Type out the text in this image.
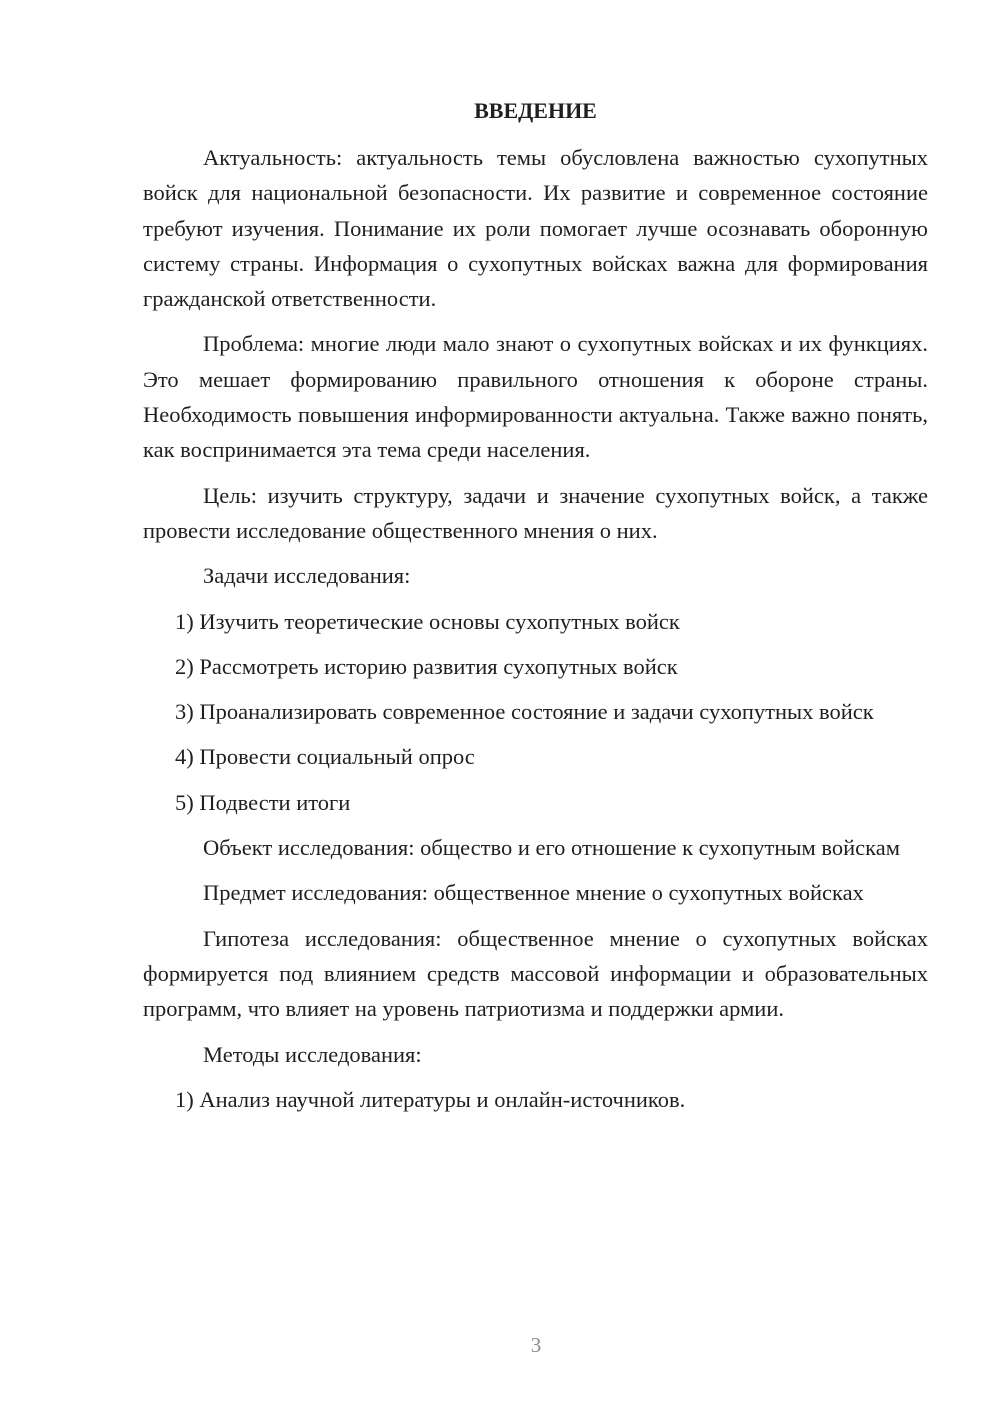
ВВЕДЕНИЕ

Актуальность: актуальность темы обусловлена важностью сухопутных войск для национальной безопасности. Их развитие и современное состояние требуют изучения. Понимание их роли помогает лучше осознавать оборонную систему страны. Информация о сухопутных войсках важна для формирования гражданской ответственности.

Проблема: многие люди мало знают о сухопутных войсках и их функциях. Это мешает формированию правильного отношения к обороне страны. Необходимость повышения информированности актуальна. Также важно понять, как воспринимается эта тема среди населения.

Цель: изучить структуру, задачи и значение сухопутных войск, а также провести исследование общественного мнения о них.

Задачи исследования:

1) Изучить теоретические основы сухопутных войск

2) Рассмотреть историю развития сухопутных войск

3) Проанализировать современное состояние и задачи сухопутных войск

4) Провести социальный опрос

5) Подвести итоги

Объект исследования: общество и его отношение к сухопутным войскам

Предмет исследования: общественное мнение о сухопутных войсках

Гипотеза исследования: общественное мнение о сухопутных войсках формируется под влиянием средств массовой информации и образовательных программ, что влияет на уровень патриотизма и поддержки армии.

Методы исследования:

1) Анализ научной литературы и онлайн-источников.

3
